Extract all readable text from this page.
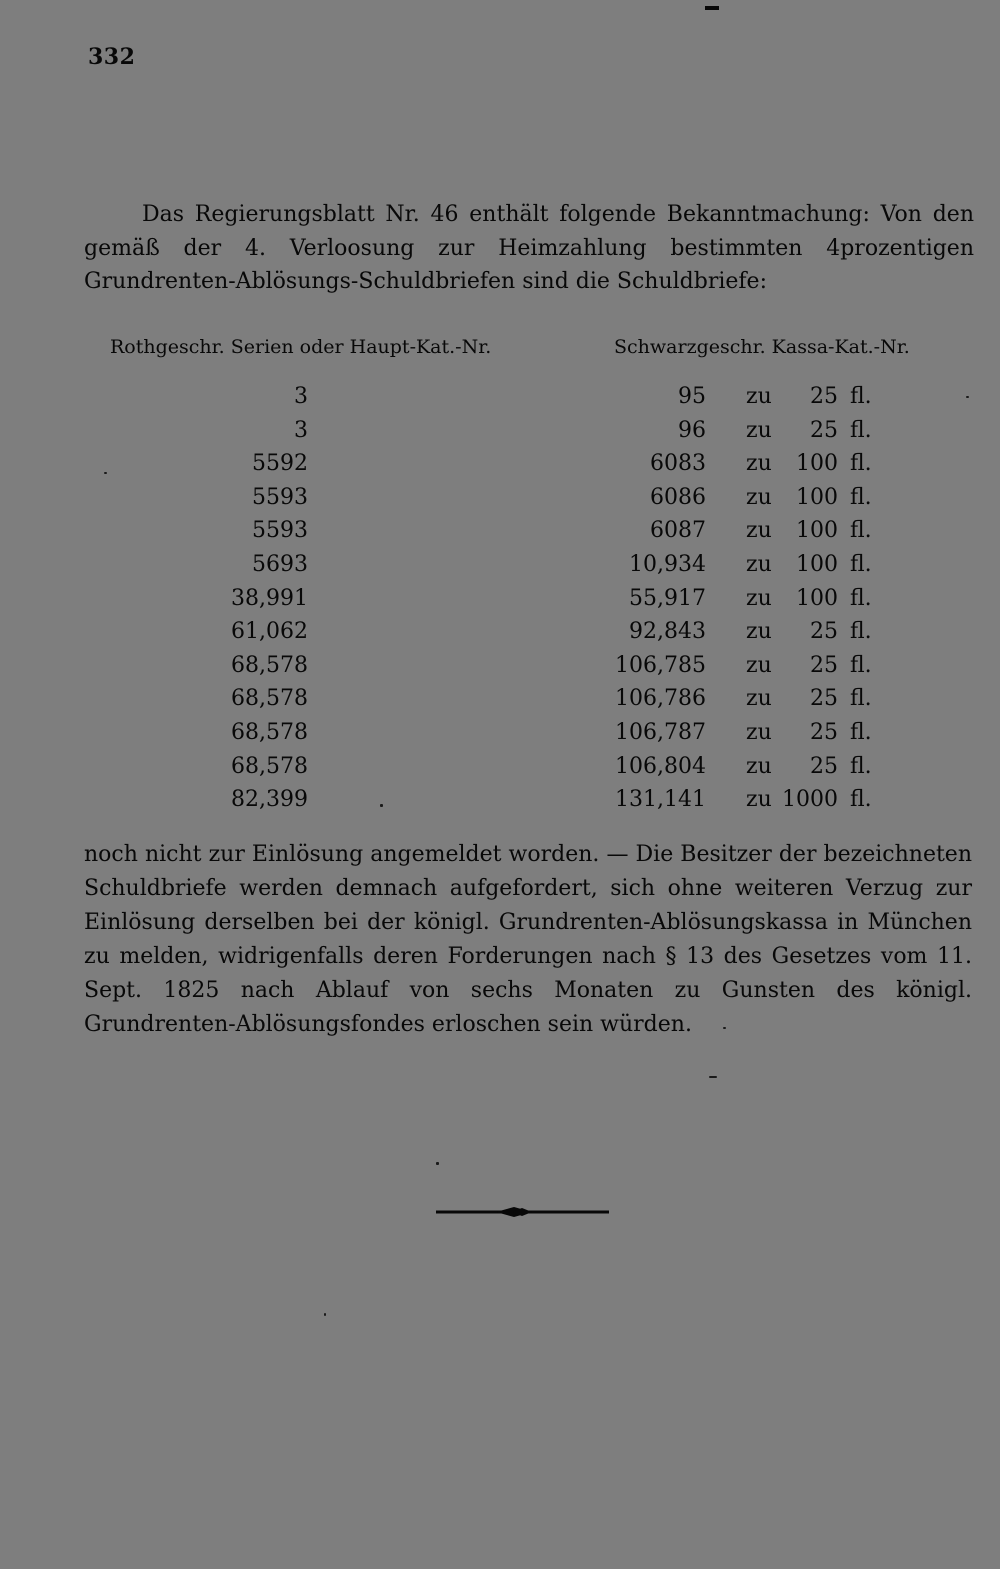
332

Das Regierungsblatt Nr. 46 enthält folgende Bekanntmachung: Von den gemäß der 4. Verloosung zur Heimzahlung bestimmten 4prozentigen Grundrenten-Ablösungs-Schuldbriefen sind die Schuldbriefe:

Rothgeschr. Serien oder Haupt-Kat.-Nr.	Schwarzgeschr. Kassa-Kat.-Nr.
3	95 zu 25 fl.
3	96 zu 25 fl.
5592	6083 zu 100 fl.
5593	6086 zu 100 fl.
5593	6087 zu 100 fl.
5693	10,934 zu 100 fl.
38,991	55,917 zu 100 fl.
61,062	92,843 zu 25 fl.
68,578	106,785 zu 25 fl.
68,578	106,786 zu 25 fl.
68,578	106,787 zu 25 fl.
68,578	106,804 zu 25 fl.
82,399	131,141 zu 1000 fl.

noch nicht zur Einlösung angemeldet worden. — Die Besitzer der bezeichneten Schuldbriefe werden demnach aufgefordert, sich ohne weiteren Verzug zur Einlösung derselben bei der königl. Grundrenten-Ablösungskassa in München zu melden, widrigenfalls deren Forderungen nach § 13 des Gesetzes vom 11. Sept. 1825 nach Ablauf von sechs Monaten zu Gunsten des königl. Grundrenten-Ablösungsfondes erloschen sein würden.
